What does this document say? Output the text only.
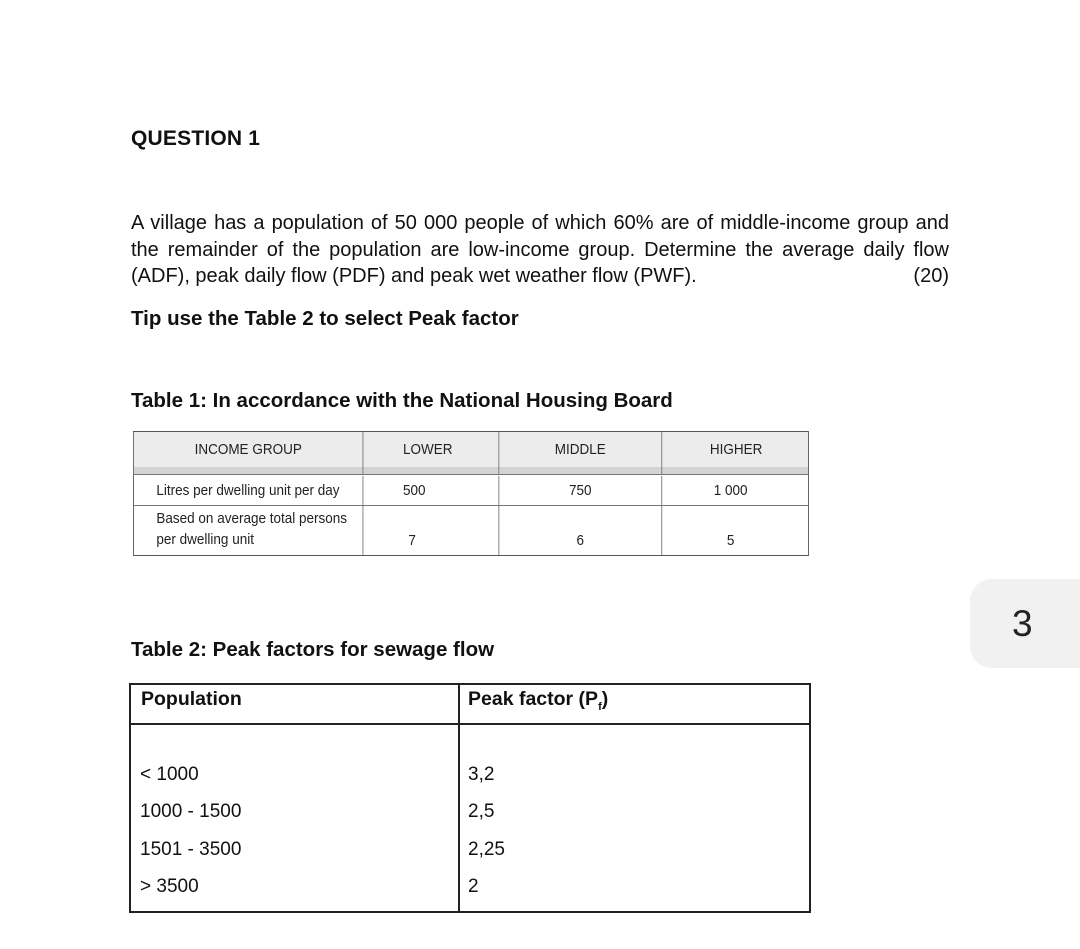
QUESTION 1
A village has a population of 50 000 people of which 60% are of middle-income group and the remainder of the population are low-income group. Determine the average daily flow (ADF), peak daily flow (PDF) and peak wet weather flow (PWF).	(20)
Tip use the Table 2 to select Peak factor
Table 1: In accordance with the National Housing Board
INCOME GROUP	LOWER	MIDDLE	HIGHER
Litres per dwelling unit per day	500	750	1 000
Based on average total persons
per dwelling unit	7	6	5
Table 2: Peak factors for sewage flow
Population	Peak factor $(P_f)$
< 1000	3,2
1000 - 1500	2,5
1501 - 3500	2,25
> 3500	2
3
